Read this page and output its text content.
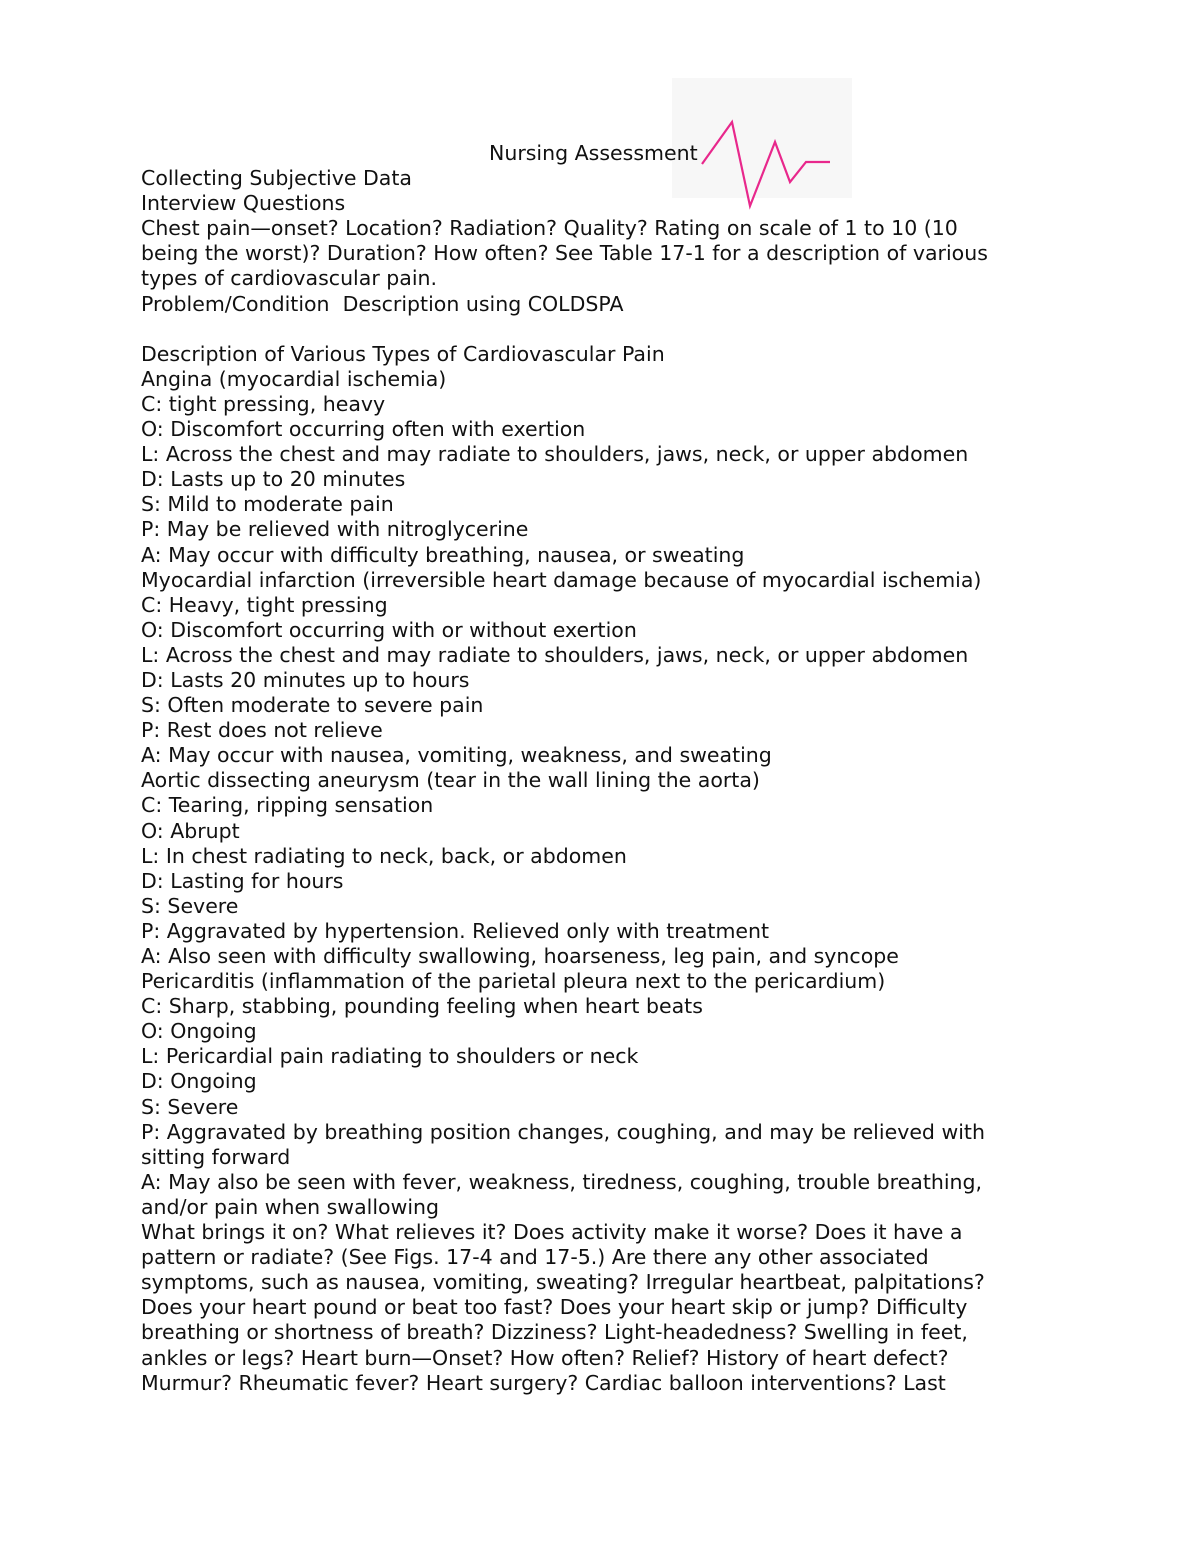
Nursing Assessment

Collecting Subjective Data

Interview Questions

Chest pain—onset? Location? Radiation? Quality? Rating on scale of 1 to 10 (10

being the worst)? Duration? How often? See Table 17-1 for a description of various

types of cardiovascular pain.

Problem/Condition  Description using COLDSPA

Description of Various Types of Cardiovascular Pain

Angina (myocardial ischemia)

C: tight pressing, heavy

O: Discomfort occurring often with exertion

L: Across the chest and may radiate to shoulders, jaws, neck, or upper abdomen

D: Lasts up to 20 minutes

S: Mild to moderate pain

P: May be relieved with nitroglycerine

A: May occur with difficulty breathing, nausea, or sweating

Myocardial infarction (irreversible heart damage because of myocardial ischemia)

C: Heavy, tight pressing

O: Discomfort occurring with or without exertion

L: Across the chest and may radiate to shoulders, jaws, neck, or upper abdomen

D: Lasts 20 minutes up to hours

S: Often moderate to severe pain

P: Rest does not relieve

A: May occur with nausea, vomiting, weakness, and sweating

Aortic dissecting aneurysm (tear in the wall lining the aorta)

C: Tearing, ripping sensation

O: Abrupt

L: In chest radiating to neck, back, or abdomen

D: Lasting for hours

S: Severe

P: Aggravated by hypertension. Relieved only with treatment

A: Also seen with difficulty swallowing, hoarseness, leg pain, and syncope

Pericarditis (inflammation of the parietal pleura next to the pericardium)

C: Sharp, stabbing, pounding feeling when heart beats

O: Ongoing

L: Pericardial pain radiating to shoulders or neck

D: Ongoing

S: Severe

P: Aggravated by breathing position changes, coughing, and may be relieved with

sitting forward

A: May also be seen with fever, weakness, tiredness, coughing, trouble breathing,

and/or pain when swallowing

What brings it on? What relieves it? Does activity make it worse? Does it have a

pattern or radiate? (See Figs. 17-4 and 17-5.) Are there any other associated

symptoms, such as nausea, vomiting, sweating? Irregular heartbeat, palpitations?

Does your heart pound or beat too fast? Does your heart skip or jump? Difficulty

breathing or shortness of breath? Dizziness? Light-headedness? Swelling in feet,

ankles or legs? Heart burn—Onset? How often? Relief? History of heart defect?

Murmur? Rheumatic fever? Heart surgery? Cardiac balloon interventions? Last
